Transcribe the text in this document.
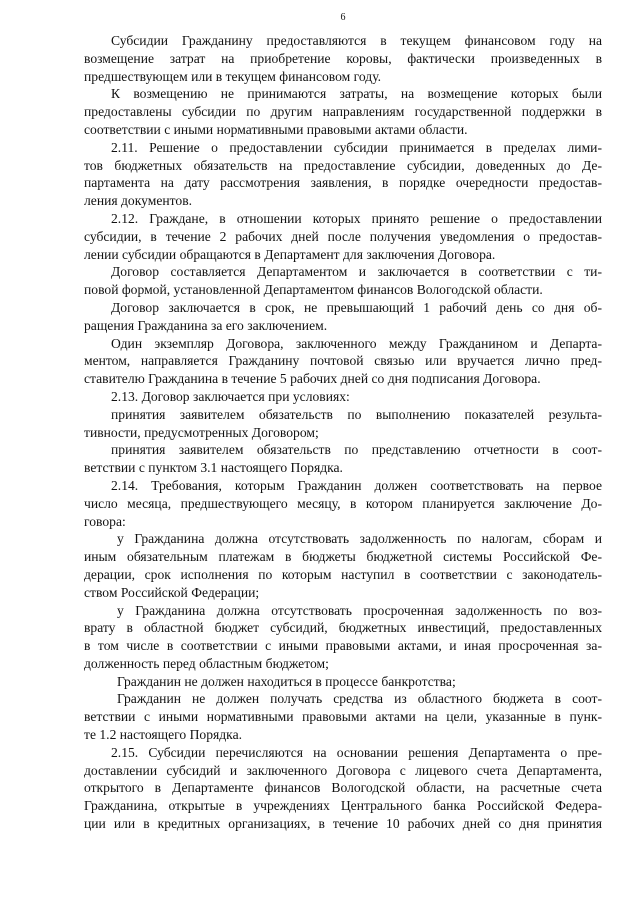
6
Субсидии Гражданину предоставляются в текущем финансовом году на
возмещение затрат на приобретение коровы, фактически произведенных в
предшествующем или в текущем финансовом году.
К возмещению не принимаются затраты, на возмещение которых были
предоставлены субсидии по другим направлениям государственной поддержки в
соответствии с иными нормативными правовыми актами области.
2.11. Решение о предоставлении субсидии принимается в пределах лими-
тов бюджетных обязательств на предоставление субсидии, доведенных до Де-
партамента на дату рассмотрения заявления, в порядке очередности предостав-
ления документов.
2.12. Граждане, в отношении которых принято решение о предоставлении
субсидии, в течение 2 рабочих дней после получения уведомления о предостав-
лении субсидии обращаются в Департамент для заключения Договора.
Договор составляется Департаментом и заключается в соответствии с ти-
повой формой, установленной Департаментом финансов Вологодской области.
Договор заключается в срок, не превышающий 1 рабочий день со дня об-
ращения Гражданина за его заключением.
Один экземпляр Договора, заключенного между Гражданином и Департа-
ментом, направляется Гражданину почтовой связью или вручается лично пред-
ставителю Гражданина в течение 5 рабочих дней со дня подписания Договора.
2.13. Договор заключается при условиях:
принятия заявителем обязательств по выполнению показателей результа-
тивности, предусмотренных Договором;
принятия заявителем обязательств по представлению отчетности в соот-
ветствии с пунктом 3.1 настоящего Порядка.
2.14. Требования, которым Гражданин должен соответствовать на первое
число месяца, предшествующего месяцу, в котором планируется заключение До-
говора:
у Гражданина должна отсутствовать задолженность по налогам, сборам и
иным обязательным платежам в бюджеты бюджетной системы Российской Фе-
дерации, срок исполнения по которым наступил в соответствии с законодатель-
ством Российской Федерации;
у Гражданина должна отсутствовать просроченная задолженность по воз-
врату в областной бюджет субсидий, бюджетных инвестиций, предоставленных
в том числе в соответствии с иными правовыми актами, и иная просроченная за-
долженность перед областным бюджетом;
Гражданин не должен находиться в процессе банкротства;
Гражданин не должен получать средства из областного бюджета в соот-
ветствии с иными нормативными правовыми актами на цели, указанные в пунк-
те 1.2 настоящего Порядка.
2.15. Субсидии перечисляются на основании решения Департамента о пре-
доставлении субсидий и заключенного Договора с лицевого счета Департамента,
открытого в Департаменте финансов Вологодской области, на расчетные счета
Гражданина, открытые в учреждениях Центрального банка Российской Федера-
ции или в кредитных организациях, в течение 10 рабочих дней со дня принятия
